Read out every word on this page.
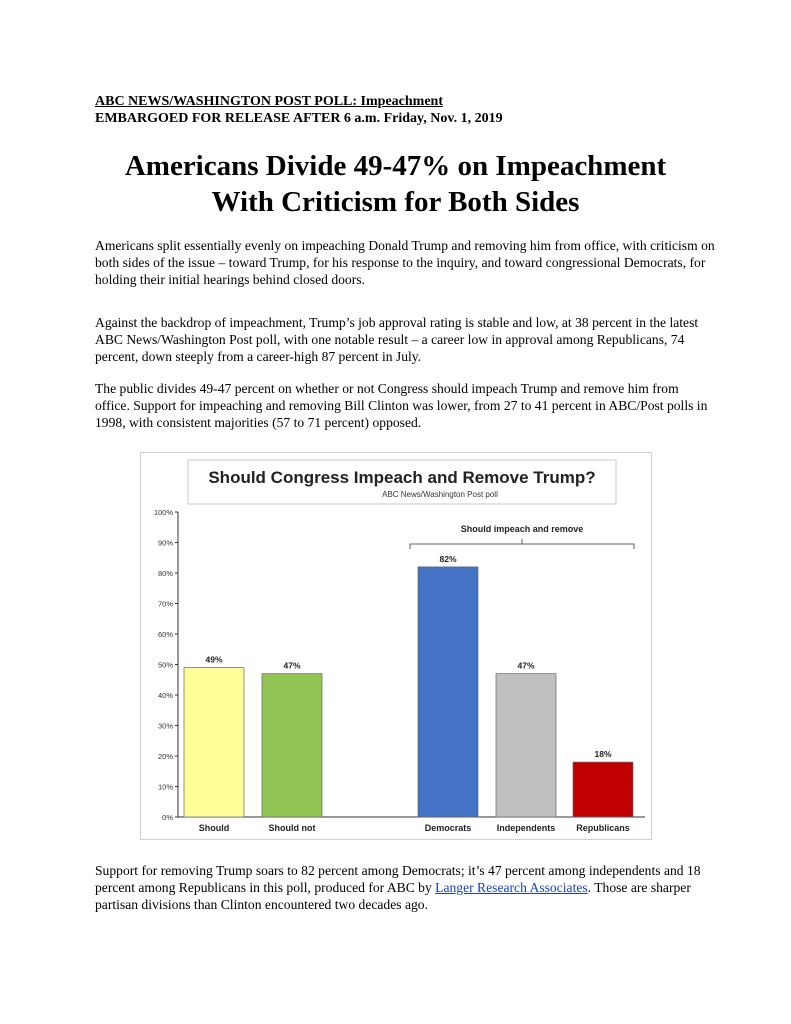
ABC NEWS/WASHINGTON POST POLL: Impeachment
EMBARGOED FOR RELEASE AFTER 6 a.m. Friday, Nov. 1, 2019
Americans Divide 49-47% on Impeachment
With Criticism for Both Sides
Americans split essentially evenly on impeaching Donald Trump and removing him from office, with criticism on both sides of the issue – toward Trump, for his response to the inquiry, and toward congressional Democrats, for holding their initial hearings behind closed doors.
Against the backdrop of impeachment, Trump’s job approval rating is stable and low, at 38 percent in the latest ABC News/Washington Post poll, with one notable result – a career low in approval among Republicans, 74 percent, down steeply from a career-high 87 percent in July.
The public divides 49-47 percent on whether or not Congress should impeach Trump and remove him from office. Support for impeaching and removing Bill Clinton was lower, from 27 to 41 percent in ABC/Post polls in 1998, with consistent majorities (57 to 71 percent) opposed.
Should Congress Impeach and Remove Trump?
ABC News/Washington Post poll
0%
10%
20%
30%
40%
50%
60%
70%
80%
90%
100%
Should impeach and remove
49%
Should
47%
Should not
82%
Democrats
47%
Independents
18%
Republicans
Support for removing Trump soars to 82 percent among Democrats; it’s 47 percent among independents and 18 percent among Republicans in this poll, produced for ABC by Langer Research Associates. Those are sharper partisan divisions than Clinton encountered two decades ago.
